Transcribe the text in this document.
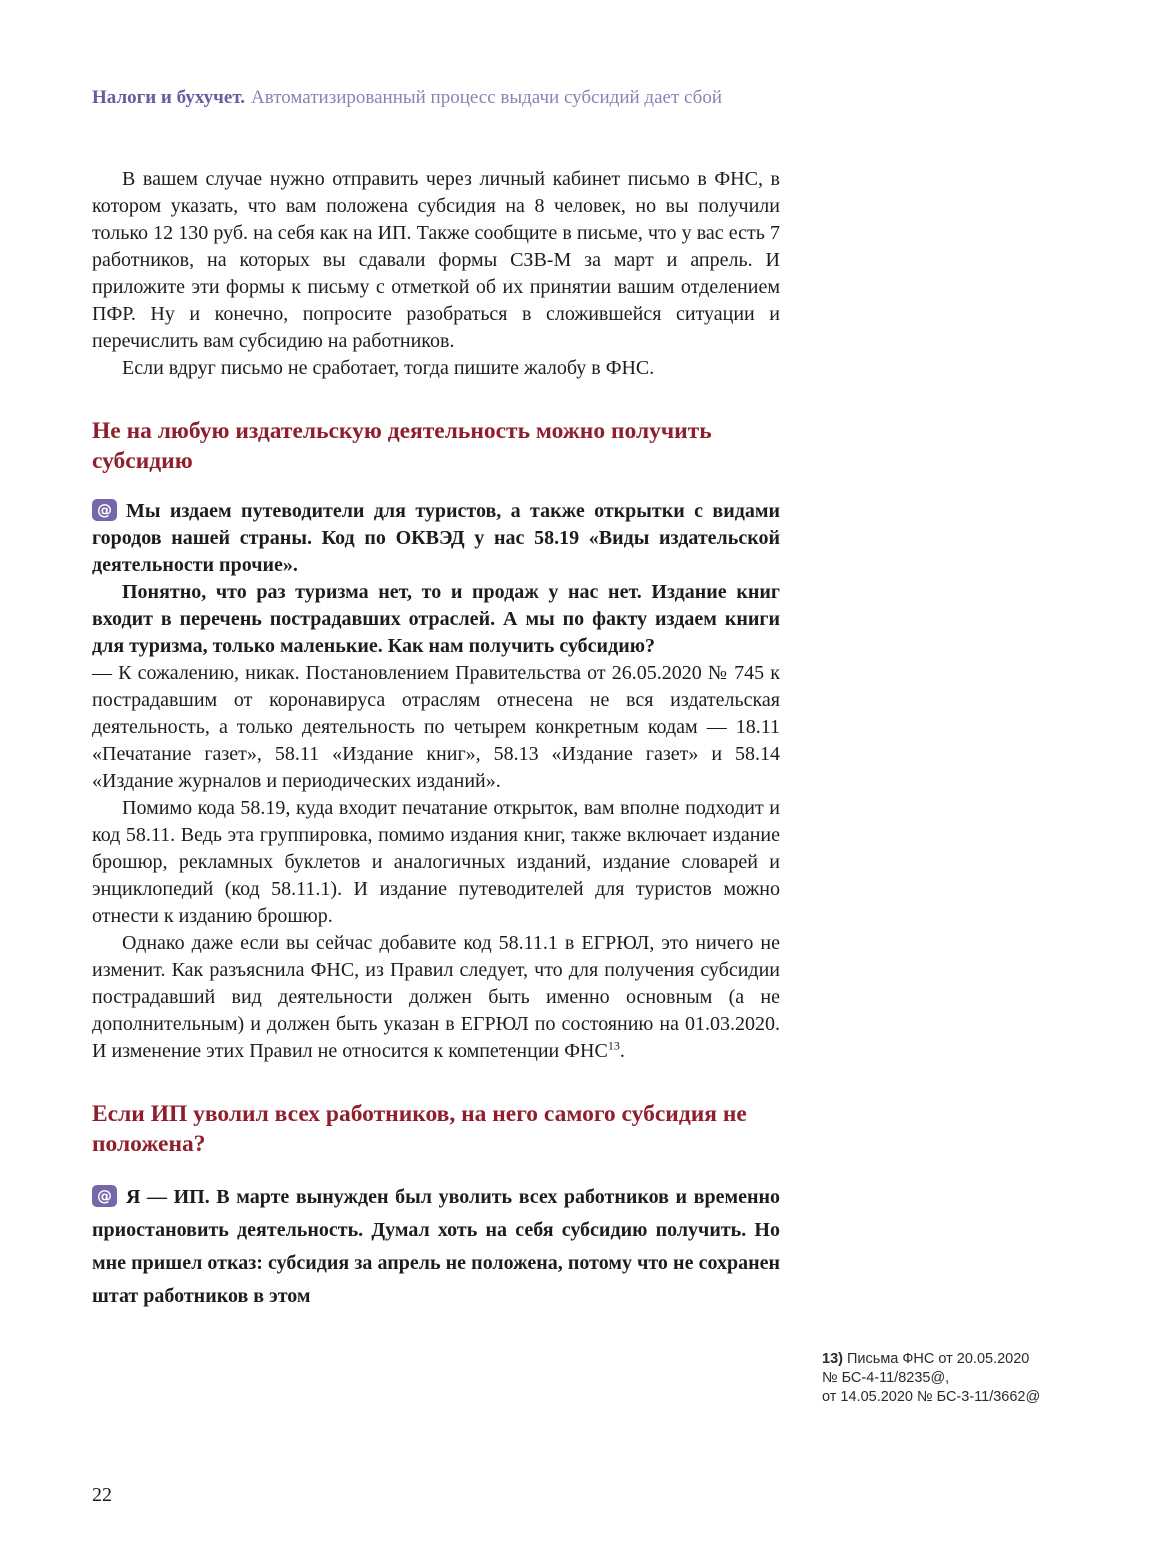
Налоги и бухучет. Автоматизированный процесс выдачи субсидий дает сбой

В вашем случае нужно отправить через личный кабинет письмо в ФНС, в котором указать, что вам положена субсидия на 8 человек, но вы получили только 12 130 руб. на себя как на ИП. Также сообщите в письме, что у вас есть 7 работников, на которых вы сдавали формы СЗВ-М за март и апрель. И приложите эти формы к письму с отметкой об их принятии вашим отделением ПФР. Ну и конечно, попросите разобраться в сложившейся ситуации и перечислить вам субсидию на работников.

Если вдруг письмо не сработает, тогда пишите жалобу в ФНС.

Не на любую издательскую деятельность можно получить субсидию

@ Мы издаем путеводители для туристов, а также открытки с видами городов нашей страны. Код по ОКВЭД у нас 58.19 «Виды издательской деятельности прочие».

Понятно, что раз туризма нет, то и продаж у нас нет. Издание книг входит в перечень пострадавших отраслей. А мы по факту издаем книги для туризма, только маленькие. Как нам получить субсидию?

— К сожалению, никак. Постановлением Правительства от 26.05.2020 № 745 к пострадавшим от коронавируса отраслям отнесена не вся издательская деятельность, а только деятельность по четырем конкретным кодам — 18.11 «Печатание газет», 58.11 «Издание книг», 58.13 «Издание газет» и 58.14 «Издание журналов и периодических изданий».

Помимо кода 58.19, куда входит печатание открыток, вам вполне подходит и код 58.11. Ведь эта группировка, помимо издания книг, также включает издание брошюр, рекламных буклетов и аналогичных изданий, издание словарей и энциклопедий (код 58.11.1). И издание путеводителей для туристов можно отнести к изданию брошюр.

Однако даже если вы сейчас добавите код 58.11.1 в ЕГРЮЛ, это ничего не изменит. Как разъяснила ФНС, из Правил следует, что для получения субсидии пострадавший вид деятельности должен быть именно основным (а не дополнительным) и должен быть указан в ЕГРЮЛ по состоянию на 01.03.2020. И изменение этих Правил не относится к компетенции ФНС$^{13}$.

Если ИП уволил всех работников, на него самого субсидия не положена?

@ Я — ИП. В марте вынужден был уволить всех работников и временно приостановить деятельность. Думал хоть на себя субсидию получить. Но мне пришел отказ: субсидия за апрель не положена, потому что не сохранен штат работников в этом

13) Письма ФНС от 20.05.2020
№ БС-4-11/8235@,
от 14.05.2020 № БС-3-11/3662@
22
